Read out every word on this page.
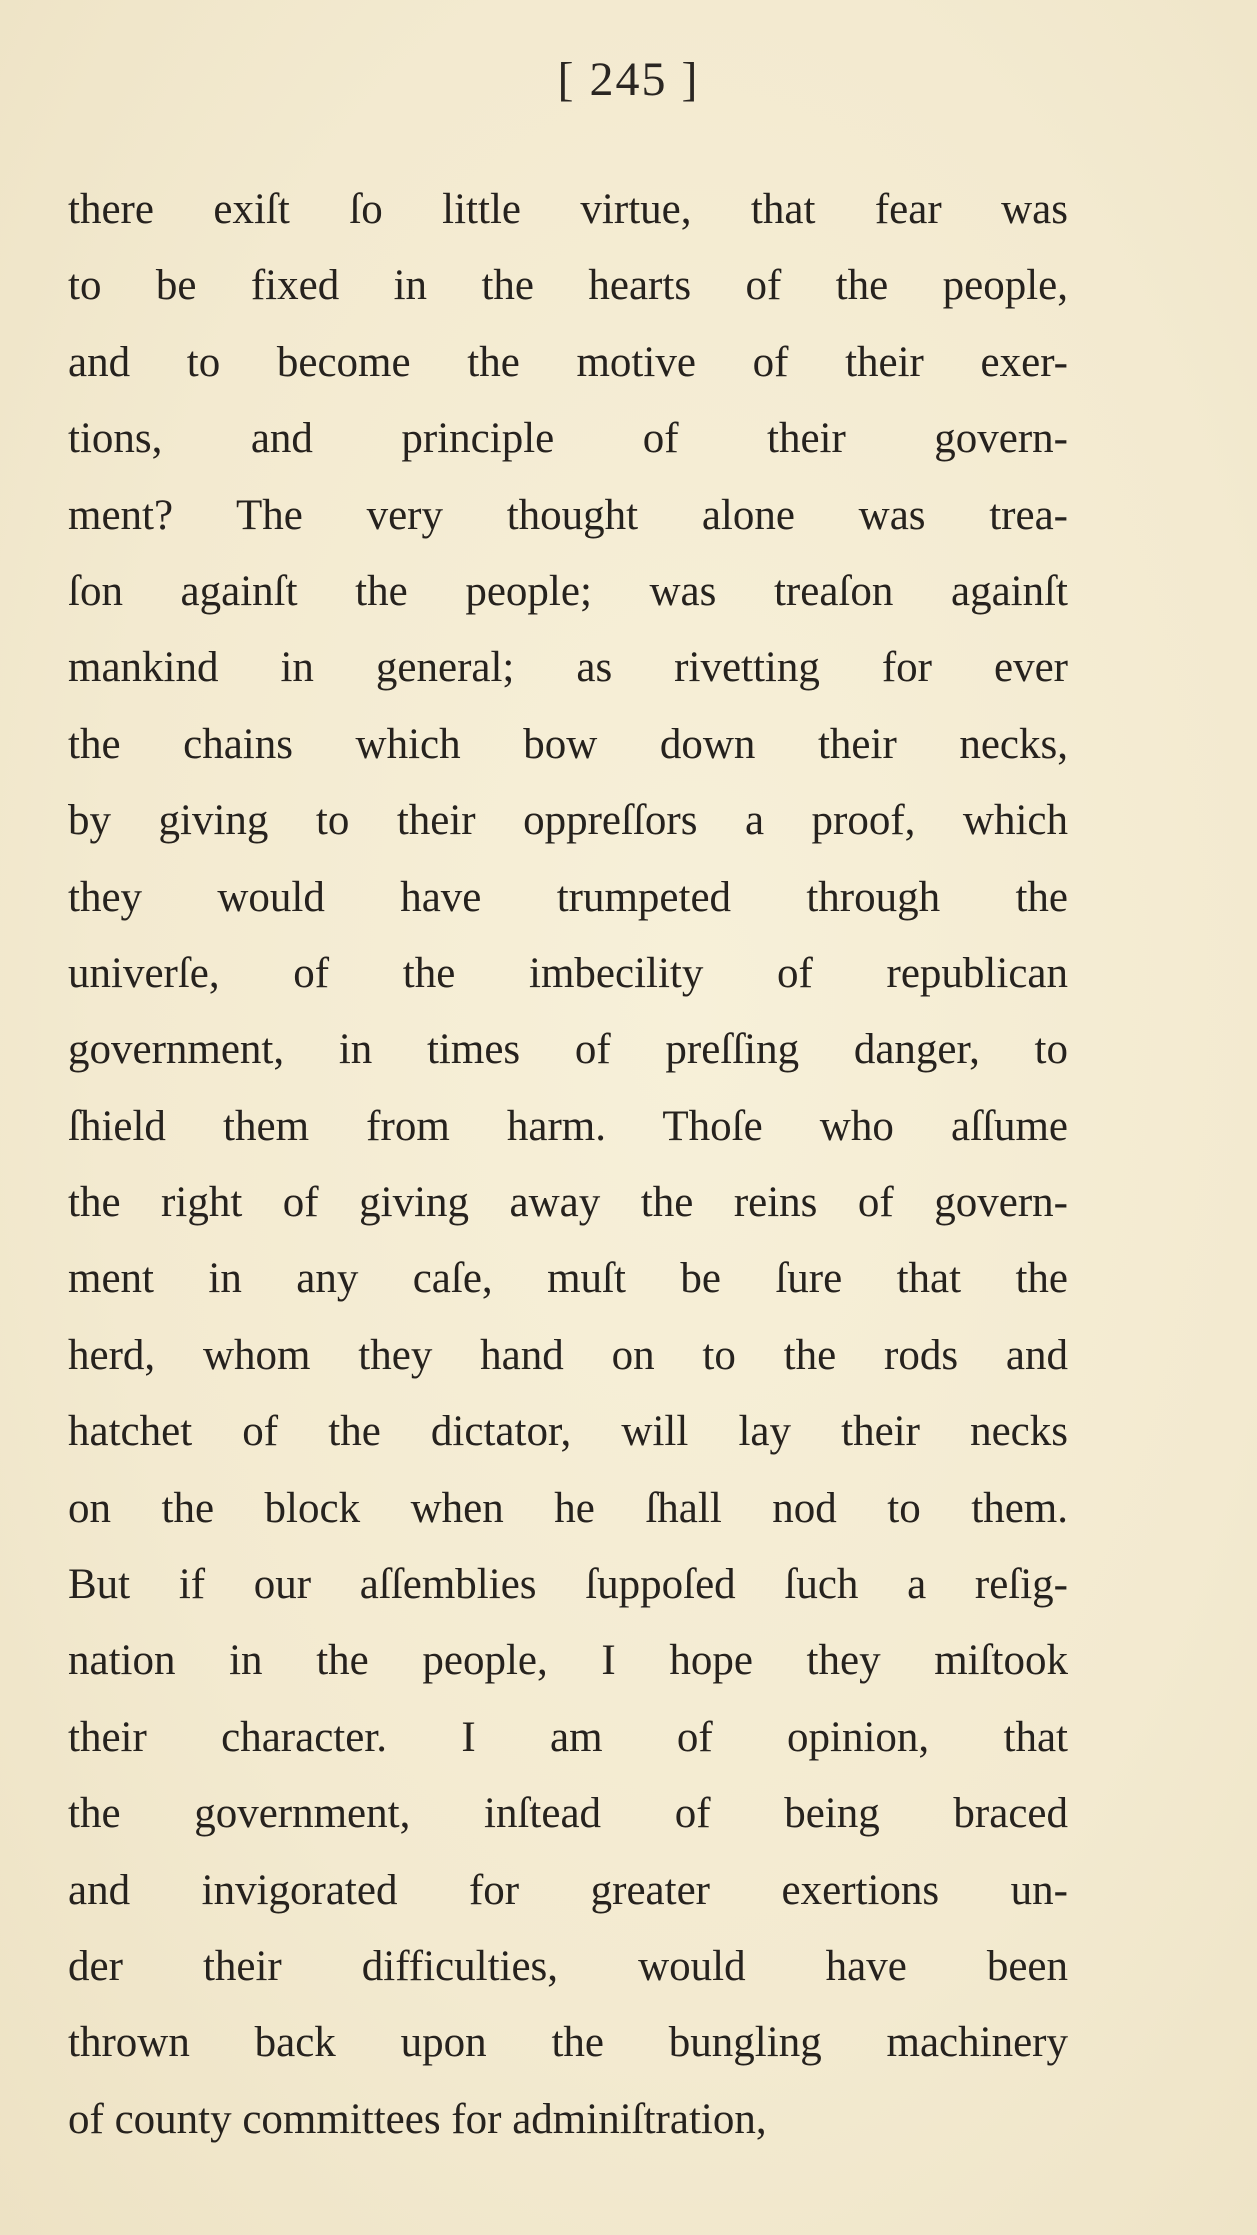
[ 245 ]
there exiſt ſo little virtue, that fear was
to be fixed in the hearts of the people,
and to become the motive of their exer-
tions, and principle of their govern-
ment? The very thought alone was trea-
ſon againſt the people; was treaſon againſt
mankind in general; as rivetting for ever
the chains which bow down their necks,
by giving to their oppreſſors a proof, which
they would have trumpeted through the
univerſe, of the imbecility of republican
government, in times of preſſing danger, to
ſhield them from harm. Thoſe who aſſume
the right of giving away the reins of govern-
ment in any caſe, muſt be ſure that the
herd, whom they hand on to the rods and
hatchet of the dictator, will lay their necks
on the block when he ſhall nod to them.
But if our aſſemblies ſuppoſed ſuch a reſig-
nation in the people, I hope they miſtook
their character. I am of opinion, that
the government, inſtead of being braced
and invigorated for greater exertions un-
der their difficulties, would have been
thrown back upon the bungling machinery
of county committees for adminiſtration,
